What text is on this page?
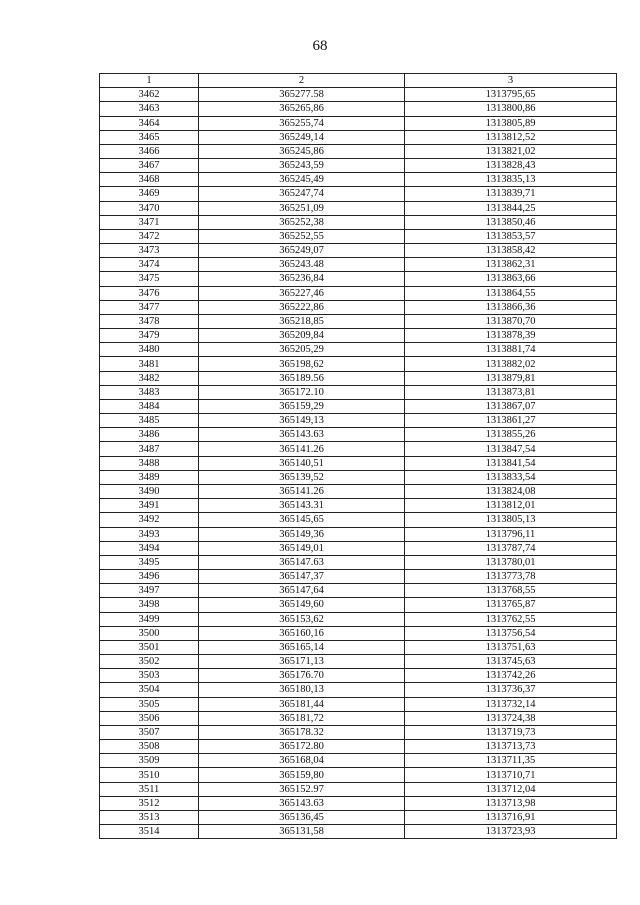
68
1	2	3
3462	365277.58	1313795,65
3463	365265,86	1313800,86
3464	365255,74	1313805,89
3465	365249,14	1313812,52
3466	365245,86	1313821,02
3467	365243,59	1313828,43
3468	365245,49	1313835,13
3469	365247,74	1313839,71
3470	365251,09	1313844,25
3471	365252,38	1313850,46
3472	365252,55	1313853,57
3473	365249,07	1313858,42
3474	365243.48	1313862,31
3475	365236,84	1313863,66
3476	365227,46	1313864,55
3477	365222,86	1313866,36
3478	365218,85	1313870,70
3479	365209,84	1313878,39
3480	365205,29	1313881,74
3481	365198,62	1313882,02
3482	365189.56	1313879,81
3483	365172.10	1313873,81
3484	365159,29	1313867,07
3485	365149,13	1313861,27
3486	365143.63	1313855,26
3487	365141.26	1313847,54
3488	365140,51	1313841,54
3489	365139,52	1313833,54
3490	365141.26	1313824,08
3491	365143.31	1313812,01
3492	365145,65	1313805,13
3493	365149,36	1313796,11
3494	365149,01	1313787,74
3495	365147.63	1313780,01
3496	365147,37	1313773,78
3497	365147,64	1313768,55
3498	365149,60	1313765,87
3499	365153,62	1313762,55
3500	365160,16	1313756,54
3501	365165,14	1313751,63
3502	365171,13	1313745,63
3503	365176.70	1313742,26
3504	365180,13	1313736,37
3505	365181,44	1313732,14
3506	365181,72	1313724,38
3507	365178.32	1313719,73
3508	365172.80	1313713,73
3509	365168,04	1313711,35
3510	365159,80	1313710,71
3511	365152.97	1313712,04
3512	365143.63	1313713,98
3513	365136,45	1313716,91
3514	365131,58	1313723,93
